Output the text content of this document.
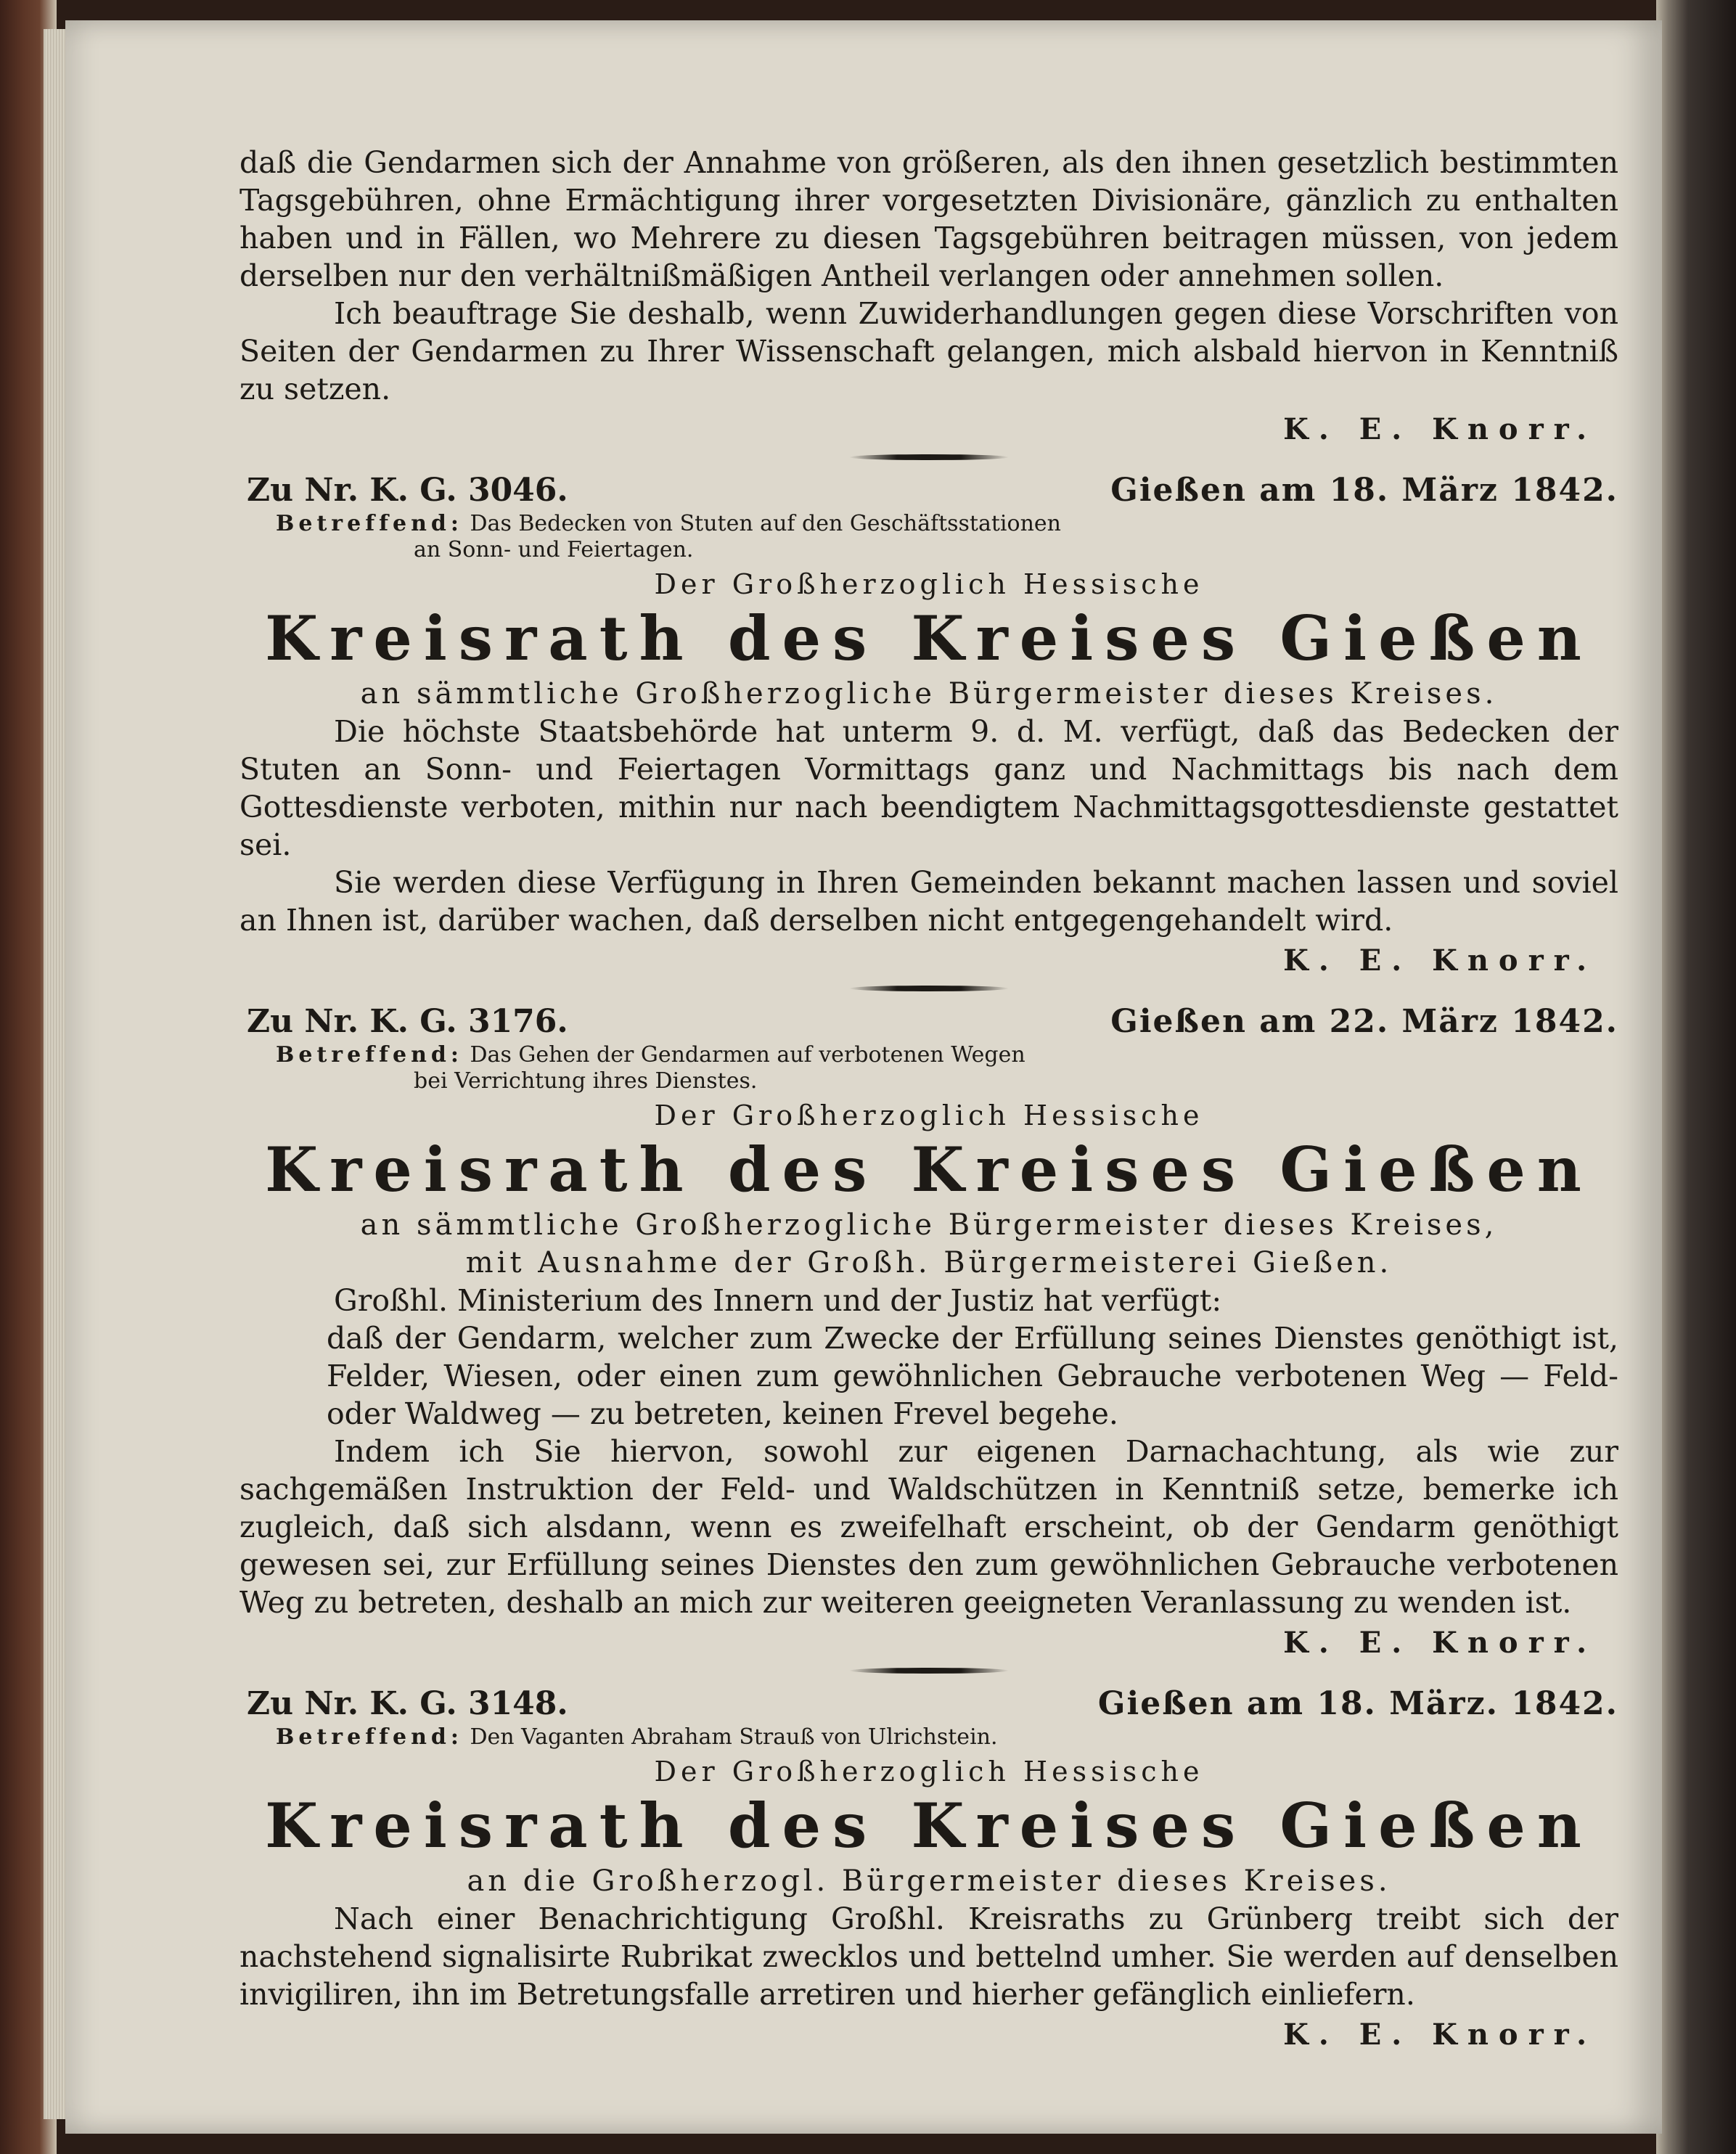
daß die Gendarmen sich der Annahme von größeren, als den ihnen gesetzlich bestimmten Tagsgebühren, ohne Ermächtigung ihrer vorgesetzten Divisionäre, gänzlich zu enthalten haben und in Fällen, wo Mehrere zu diesen Tagsgebühren beitragen müssen, von jedem derselben nur den verhältnißmäßigen Antheil verlangen oder annehmen sollen.

Ich beauftrage Sie deshalb, wenn Zuwiderhandlungen gegen diese Vorschriften von Seiten der Gendarmen zu Ihrer Wissenschaft gelangen, mich alsbald hiervon in Kenntniß zu setzen.

K. E. Knorr.
Zu Nr. K. G. 3046.	Gießen am 18. März 1842.
Betreffend: Das Bedecken von Stuten auf den Geschäftsstationen
an Sonn- und Feiertagen.
Der Großherzoglich Hessische
Kreisrath des Kreises Gießen
an sämmtliche Großherzogliche Bürgermeister dieses Kreises.

Die höchste Staatsbehörde hat unterm 9. d. M. verfügt, daß das Bedecken der Stuten an Sonn- und Feiertagen Vormittags ganz und Nachmittags bis nach dem Gottesdienste verboten, mithin nur nach beendigtem Nachmittagsgottesdienste gestattet sei.

Sie werden diese Verfügung in Ihren Gemeinden bekannt machen lassen und soviel an Ihnen ist, darüber wachen, daß derselben nicht entgegengehandelt wird.

K. E. Knorr.
Zu Nr. K. G. 3176.	Gießen am 22. März 1842.
Betreffend: Das Gehen der Gendarmen auf verbotenen Wegen
bei Verrichtung ihres Dienstes.
Der Großherzoglich Hessische
Kreisrath des Kreises Gießen
an sämmtliche Großherzogliche Bürgermeister dieses Kreises,
mit Ausnahme der Großh. Bürgermeisterei Gießen.

Großhl. Ministerium des Innern und der Justiz hat verfügt:

daß der Gendarm, welcher zum Zwecke der Erfüllung seines Dienstes genöthigt ist, Felder, Wiesen, oder einen zum gewöhnlichen Gebrauche verbotenen Weg — Feld- oder Waldweg — zu betreten, keinen Frevel begehe.

Indem ich Sie hiervon, sowohl zur eigenen Darnachachtung, als wie zur sachgemäßen Instruktion der Feld- und Waldschützen in Kenntniß setze, bemerke ich zugleich, daß sich alsdann, wenn es zweifelhaft erscheint, ob der Gendarm genöthigt gewesen sei, zur Erfüllung seines Dienstes den zum gewöhnlichen Gebrauche verbotenen Weg zu betreten, deshalb an mich zur weiteren geeigneten Veranlassung zu wenden ist.

K. E. Knorr.
Zu Nr. K. G. 3148.	Gießen am 18. März. 1842.
Betreffend: Den Vaganten Abraham Strauß von Ulrichstein.
Der Großherzoglich Hessische
Kreisrath des Kreises Gießen
an die Großherzogl. Bürgermeister dieses Kreises.

Nach einer Benachrichtigung Großhl. Kreisraths zu Grünberg treibt sich der nachstehend signalisirte Rubrikat zwecklos und bettelnd umher. Sie werden auf denselben invigiliren, ihn im Betretungsfalle arretiren und hierher gefänglich einliefern.

K. E. Knorr.
